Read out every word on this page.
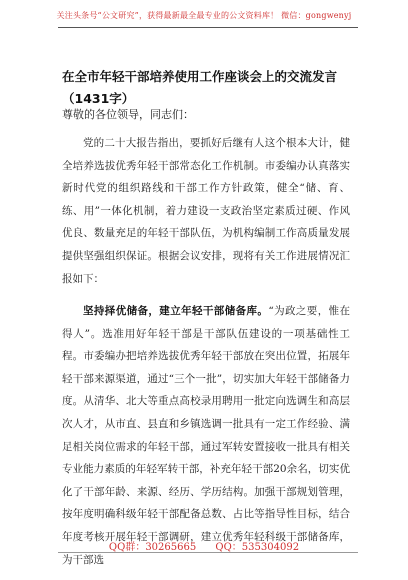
关注头条号“公文研究”，获得最新最全最专业的公文资料库！ 微信：gongwenyj
在全市年轻干部培养使用工作座谈会上的交流发言（1431字）
尊敬的各位领导，同志们：

党的二十大报告指出，要抓好后继有人这个根本大计，健全培养选拔优秀年轻干部常态化工作机制。市委编办认真落实新时代党的组织路线和干部工作方针政策，健全“储、育、练、用”一体化机制，着力建设一支政治坚定素质过硬、作风优良、数量充足的年轻干部队伍，为机构编制工作高质量发展提供坚强组织保证。根据会议安排，现将有关工作进展情况汇报如下：

坚持择优储备，建立年轻干部储备库。“为政之要，惟在得人”。选准用好年轻干部是干部队伍建设的一项基础性工程。市委编办把培养选拔优秀年轻干部放在突出位置，拓展年轻干部来源渠道，通过“三个一批”，切实加大年轻干部储备力度。从清华、北大等重点高校录用聘用一批定向选调生和高层次人才，从市直、县直和乡镇选调一批具有一定工作经验、满足相关岗位需求的年轻干部，通过军转安置接收一批具有相关专业能力素质的年轻军转干部，补充年轻干部20余名，切实优化了干部年龄、来源、经历、学历结构。加强干部规划管理，按年度明确科级年轻干部配备总数、占比等指导性目标，结合年度考核开展年轻干部调研，建立优秀年轻科级干部储备库，为干部选

QQ群：30265665 QQ：535304092
